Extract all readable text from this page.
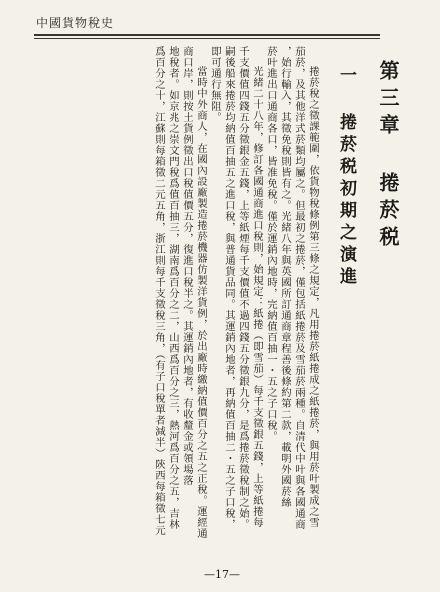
中國貨物稅史
第三章 捲菸税
一 捲菸税初期之演進
捲菸稅之徵課範圍，依貨物稅條例第三條之規定，凡用捲菸紙捲成之紙捲菸，與用菸叶製成之雪
茄菸，及其他洋式菸類均屬之。但最初之捲菸，僅包括紙捲菸及雪茄菸兩種。自清代中叶與各國通商
，始行輸入，其徵免稅則皆有之。光緒八年與英國所訂通商章程善後條約第二款，載明外國菸絲
菸叶進出口通商各口，皆准免稅。僅於運銷內地時，完納值百抽一・五之子口稅。
光緒二十八年，修訂各國通商進口稅則，始規定：紙捲（即雪茄）每千支徵銀五錢，上等紙捲每
千支價值四錢五分徵銀金五錢，上等紙煙每千支價值不過四錢五分徵銀九分，是爲捲菸徵稅制之始。
嗣後船來捲菸均納值百抽五之進口稅，與普通貨品同。其運銷內地者，再納值百抽二・五之子口稅，
即可通行無阻。
當時中外商人，在國內設廠製造捲菸機器仿製洋貨例，於出廠時繳納值價百分之五之正稅。運經通
商口岸，則按土貨例徵出口稅值價五分，復進口稅半之。其運銷內地者，有收釐金或領場落
地稅者。如京兆之崇文門稅爲值百抽三，湖南爲百分之二，山西爲百分之三，熱河爲百分之五，吉林
爲百分之十，江蘇則每箱徵二元五角，浙江則每千支徵稅三角，（有子口稅單者減半）陝西每箱徵七元
—17—
